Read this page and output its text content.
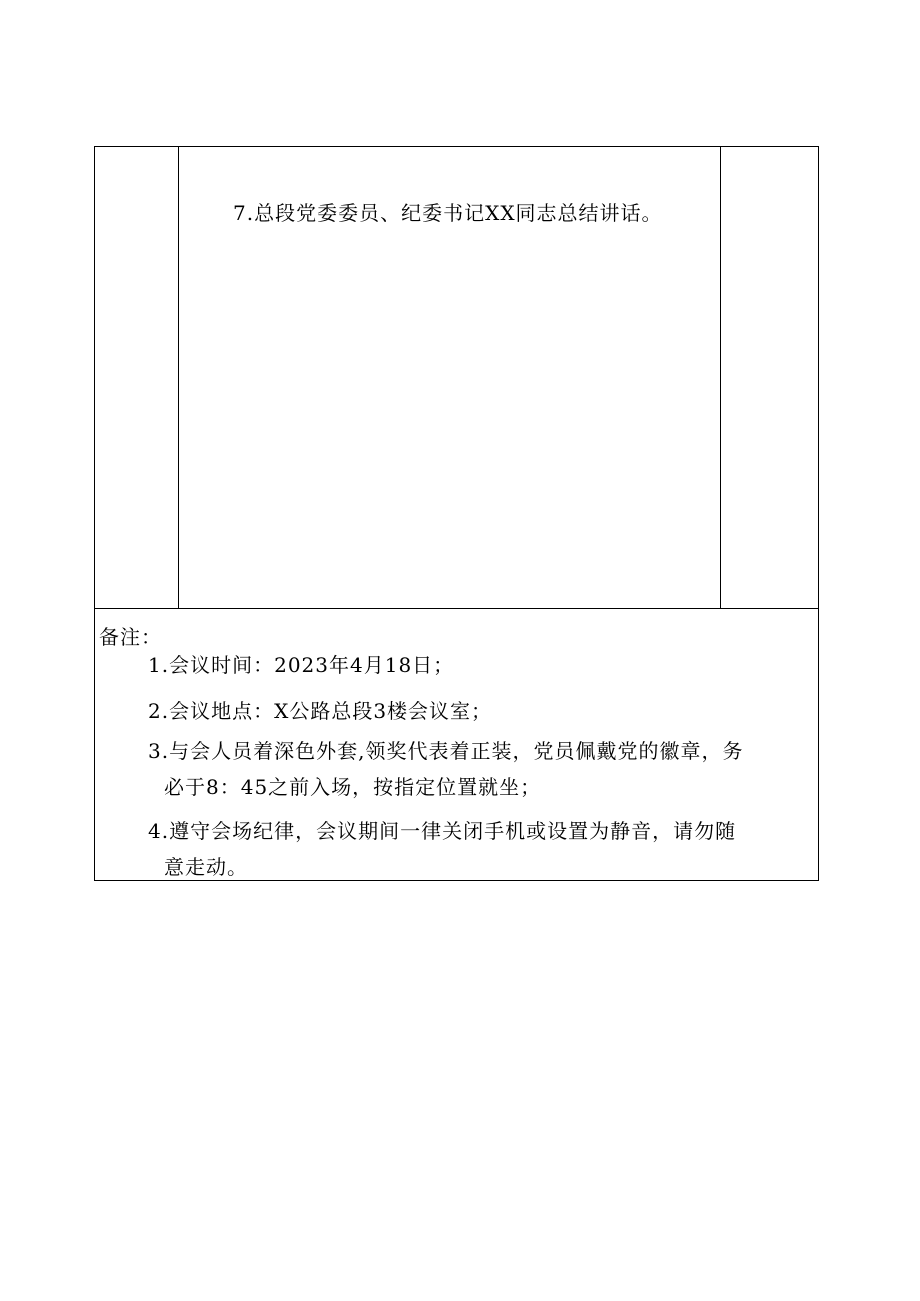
7.总段党委委员、纪委书记XX同志总结讲话。
备注：
1.会议时间：2023年4月18日；
2.会议地点：X公路总段3楼会议室；
3.与会人员着深色外套,领奖代表着正装，党员佩戴党的徽章，务
必于8：45之前入场，按指定位置就坐；
4.遵守会场纪律，会议期间一律关闭手机或设置为静音，请勿随
意走动。
